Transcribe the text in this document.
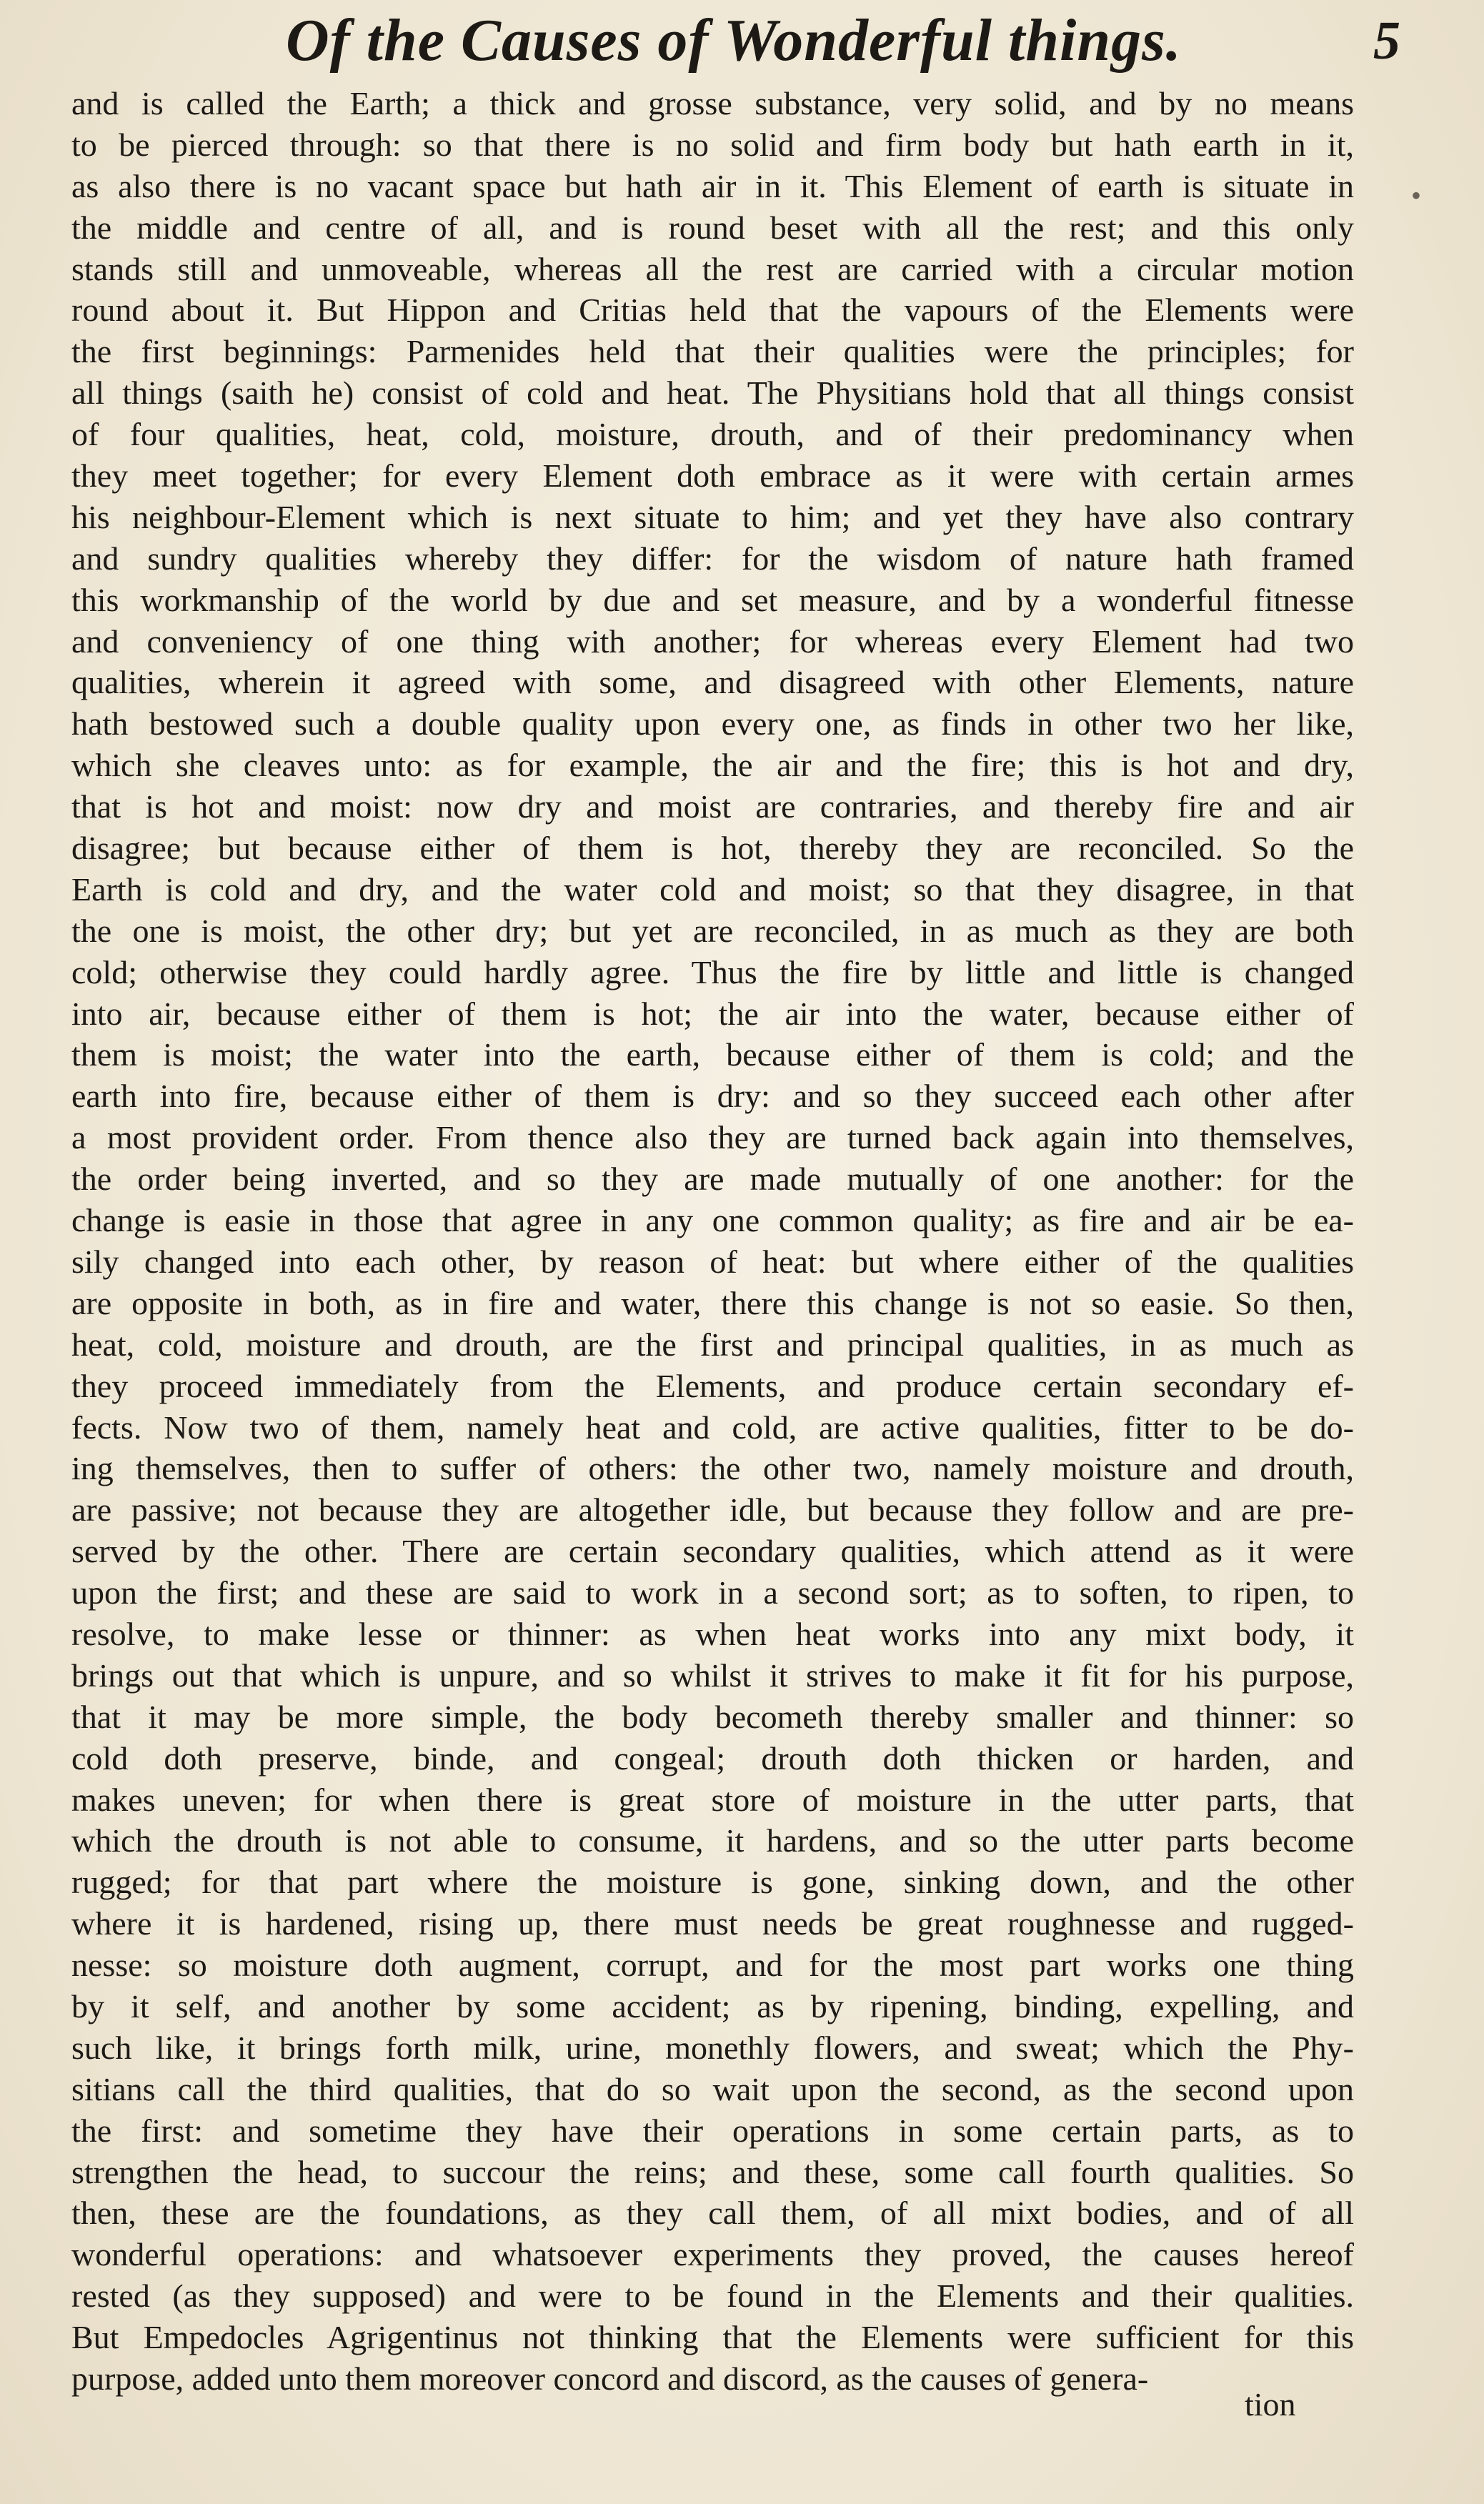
Of the Causes of Wonderful things.	5
•
and is called the Earth; a thick and grosse substance, very solid, and by no means
to be pierced through: so that there is no solid and firm body but hath earth in it,
as also there is no vacant space but hath air in it. This Element of earth is situate in
the middle and centre of all, and is round beset with all the rest; and this only
stands still and unmoveable, whereas all the rest are carried with a circular motion
round about it. But Hippon and Critias held that the vapours of the Elements were
the first beginnings: Parmenides held that their qualities were the principles; for
all things (saith he) consist of cold and heat. The Physitians hold that all things consist
of four qualities, heat, cold, moisture, drouth, and of their predominancy when
they meet together; for every Element doth embrace as it were with certain armes
his neighbour-Element which is next situate to him; and yet they have also contrary
and sundry qualities whereby they differ: for the wisdom of nature hath framed
this workmanship of the world by due and set measure, and by a wonderful fitnesse
and conveniency of one thing with another; for whereas every Element had two
qualities, wherein it agreed with some, and disagreed with other Elements, nature
hath bestowed such a double quality upon every one, as finds in other two her like,
which she cleaves unto: as for example, the air and the fire; this is hot and dry,
that is hot and moist: now dry and moist are contraries, and thereby fire and air
disagree; but because either of them is hot, thereby they are reconciled. So the
Earth is cold and dry, and the water cold and moist; so that they disagree, in that
the one is moist, the other dry; but yet are reconciled, in as much as they are both
cold; otherwise they could hardly agree. Thus the fire by little and little is changed
into air, because either of them is hot; the air into the water, because either of
them is moist; the water into the earth, because either of them is cold; and the
earth into fire, because either of them is dry: and so they succeed each other after
a most provident order. From thence also they are turned back again into themselves,
the order being inverted, and so they are made mutually of one another: for the
change is easie in those that agree in any one common quality; as fire and air be ea-
sily changed into each other, by reason of heat: but where either of the qualities
are opposite in both, as in fire and water, there this change is not so easie. So then,
heat, cold, moisture and drouth, are the first and principal qualities, in as much as
they proceed immediately from the Elements, and produce certain secondary ef-
fects. Now two of them, namely heat and cold, are active qualities, fitter to be do-
ing themselves, then to suffer of others: the other two, namely moisture and drouth,
are passive; not because they are altogether idle, but because they follow and are pre-
served by the other. There are certain secondary qualities, which attend as it were
upon the first; and these are said to work in a second sort; as to soften, to ripen, to
resolve, to make lesse or thinner: as when heat works into any mixt body, it
brings out that which is unpure, and so whilst it strives to make it fit for his purpose,
that it may be more simple, the body becometh thereby smaller and thinner: so
cold doth preserve, binde, and congeal; drouth doth thicken or harden, and
makes uneven; for when there is great store of moisture in the utter parts, that
which the drouth is not able to consume, it hardens, and so the utter parts become
rugged; for that part where the moisture is gone, sinking down, and the other
where it is hardened, rising up, there must needs be great roughnesse and rugged-
nesse: so moisture doth augment, corrupt, and for the most part works one thing
by it self, and another by some accident; as by ripening, binding, expelling, and
such like, it brings forth milk, urine, monethly flowers, and sweat; which the Phy-
sitians call the third qualities, that do so wait upon the second, as the second upon
the first: and sometime they have their operations in some certain parts, as to
strengthen the head, to succour the reins; and these, some call fourth qualities. So
then, these are the foundations, as they call them, of all mixt bodies, and of all
wonderful operations: and whatsoever experiments they proved, the causes hereof
rested (as they supposed) and were to be found in the Elements and their qualities.
But Empedocles Agrigentinus not thinking that the Elements were sufficient for this
purpose, added unto them moreover concord and discord, as the causes of genera-
tion
